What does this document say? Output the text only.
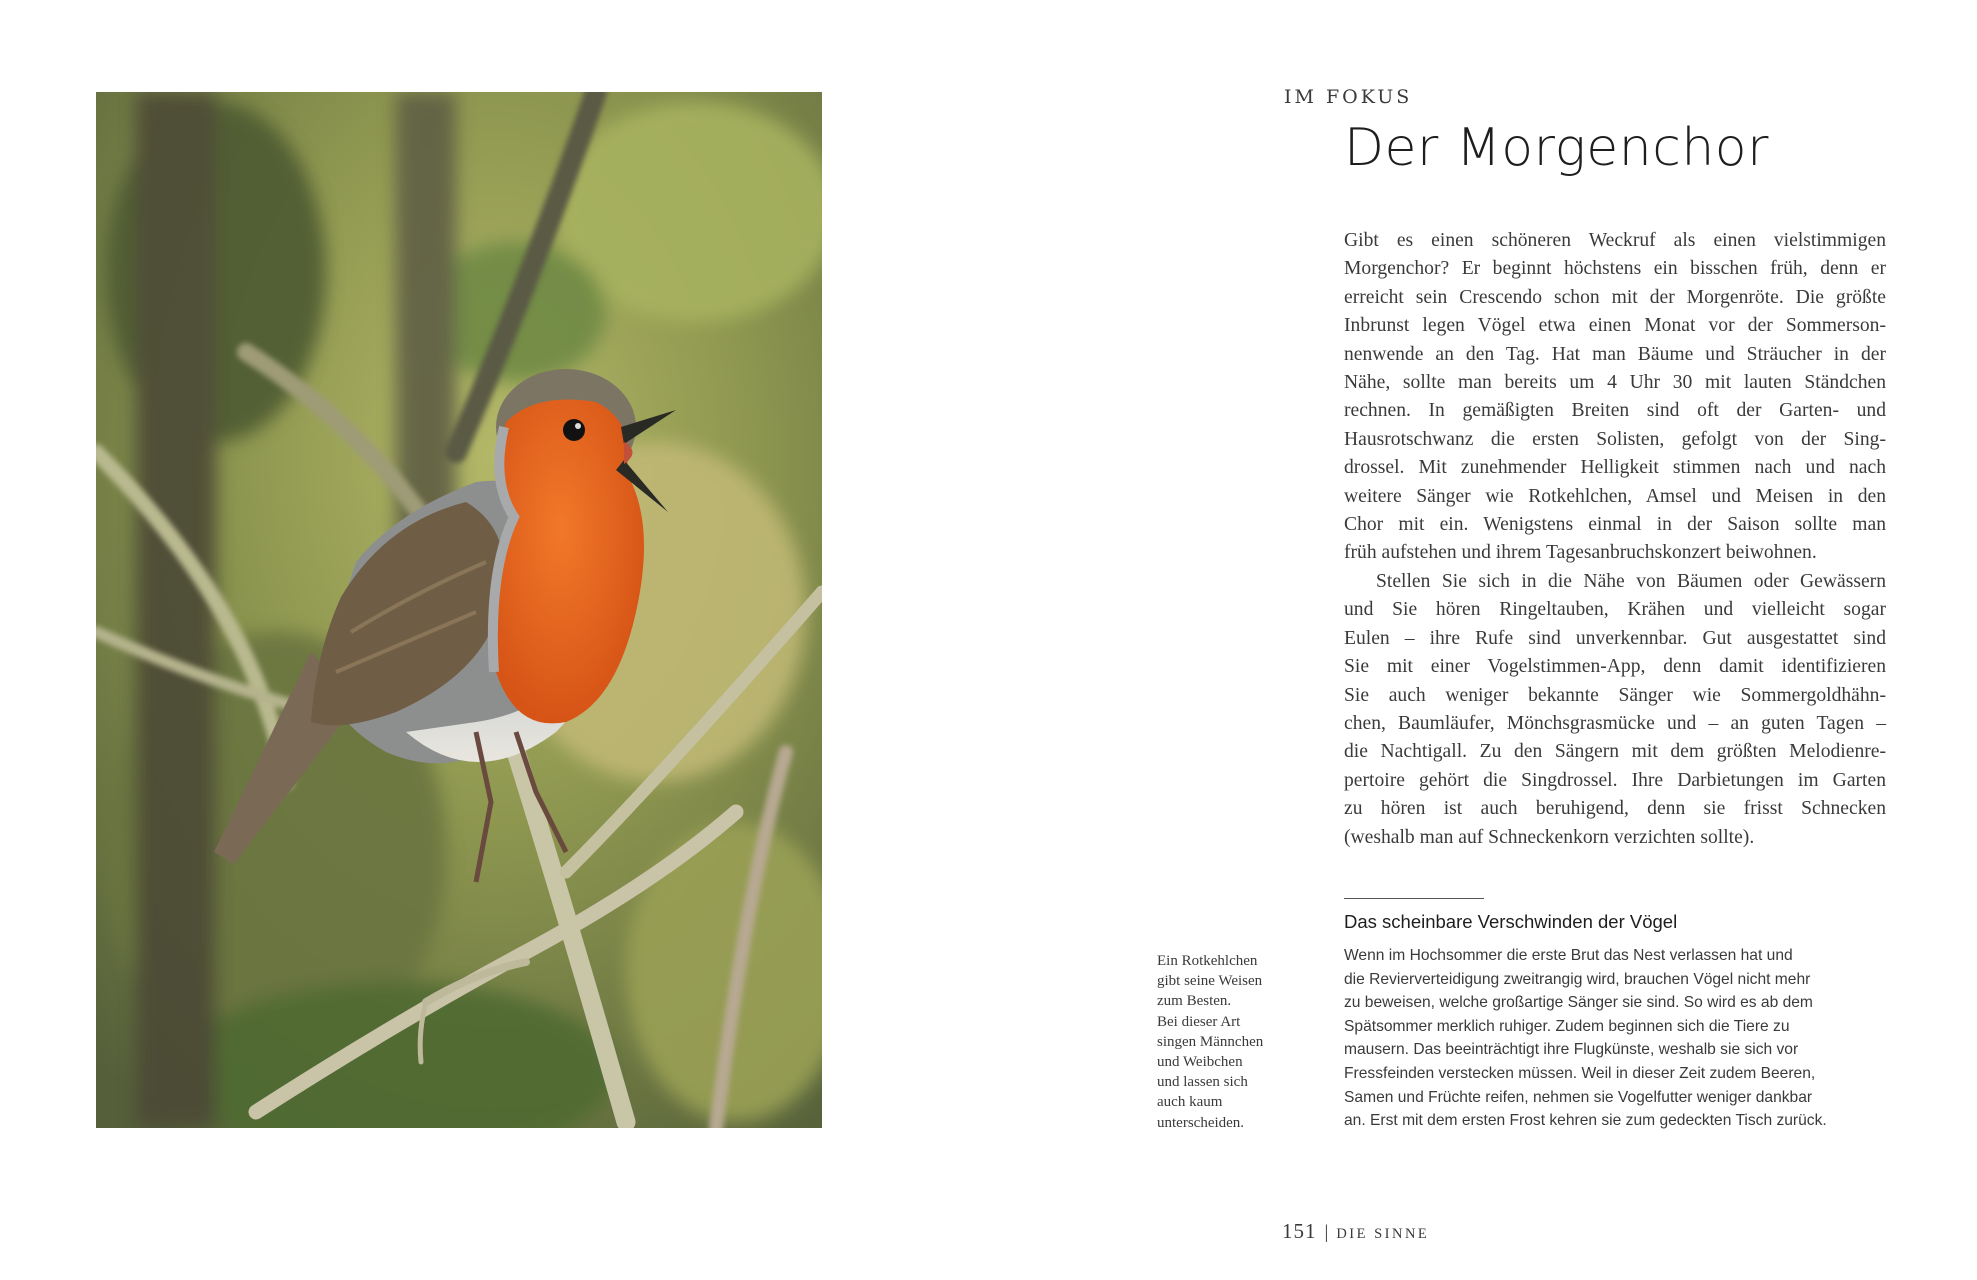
IM FOKUS
Der Morgenchor
Gibt es einen schöneren Weckruf als einen vielstimmigen
Morgenchor? Er beginnt höchstens ein bisschen früh, denn er
erreicht sein Crescendo schon mit der Morgenröte. Die größte
Inbrunst legen Vögel etwa einen Monat vor der Sommerson-
nenwende an den Tag. Hat man Bäume und Sträucher in der
Nähe, sollte man bereits um 4 Uhr 30 mit lauten Ständchen
rechnen. In gemäßigten Breiten sind oft der Garten- und
Hausrotschwanz die ersten Solisten, gefolgt von der Sing-
drossel. Mit zunehmender Helligkeit stimmen nach und nach
weitere Sänger wie Rotkehlchen, Amsel und Meisen in den
Chor mit ein. Wenigstens einmal in der Saison sollte man
früh aufstehen und ihrem Tagesanbruchskonzert beiwohnen.
Stellen Sie sich in die Nähe von Bäumen oder Gewässern
und Sie hören Ringeltauben, Krähen und vielleicht sogar
Eulen – ihre Rufe sind unverkennbar. Gut ausgestattet sind
Sie mit einer Vogelstimmen-App, denn damit identifizieren
Sie auch weniger bekannte Sänger wie Sommergoldhähn-
chen, Baumläufer, Mönchsgrasmücke und – an guten Tagen –
die Nachtigall. Zu den Sängern mit dem größten Melodienre-
pertoire gehört die Singdrossel. Ihre Darbietungen im Garten
zu hören ist auch beruhigend, denn sie frisst Schnecken
(weshalb man auf Schneckenkorn verzichten sollte).
Das scheinbare Verschwinden der Vögel
Wenn im Hochsommer die erste Brut das Nest verlassen hat und
die Revierverteidigung zweitrangig wird, brauchen Vögel nicht mehr
zu beweisen, welche großartige Sänger sie sind. So wird es ab dem
Spätsommer merklich ruhiger. Zudem beginnen sich die Tiere zu
mausern. Das beeinträchtigt ihre Flugkünste, weshalb sie sich vor
Fressfeinden verstecken müssen. Weil in dieser Zeit zudem Beeren,
Samen und Früchte reifen, nehmen sie Vogelfutter weniger dankbar
an. Erst mit dem ersten Frost kehren sie zum gedeckten Tisch zurück.
Ein Rotkehlchen
gibt seine Weisen
zum Besten.
Bei dieser Art
singen Männchen
und Weibchen
und lassen sich
auch kaum
unterscheiden.
151 | DIE SINNE
